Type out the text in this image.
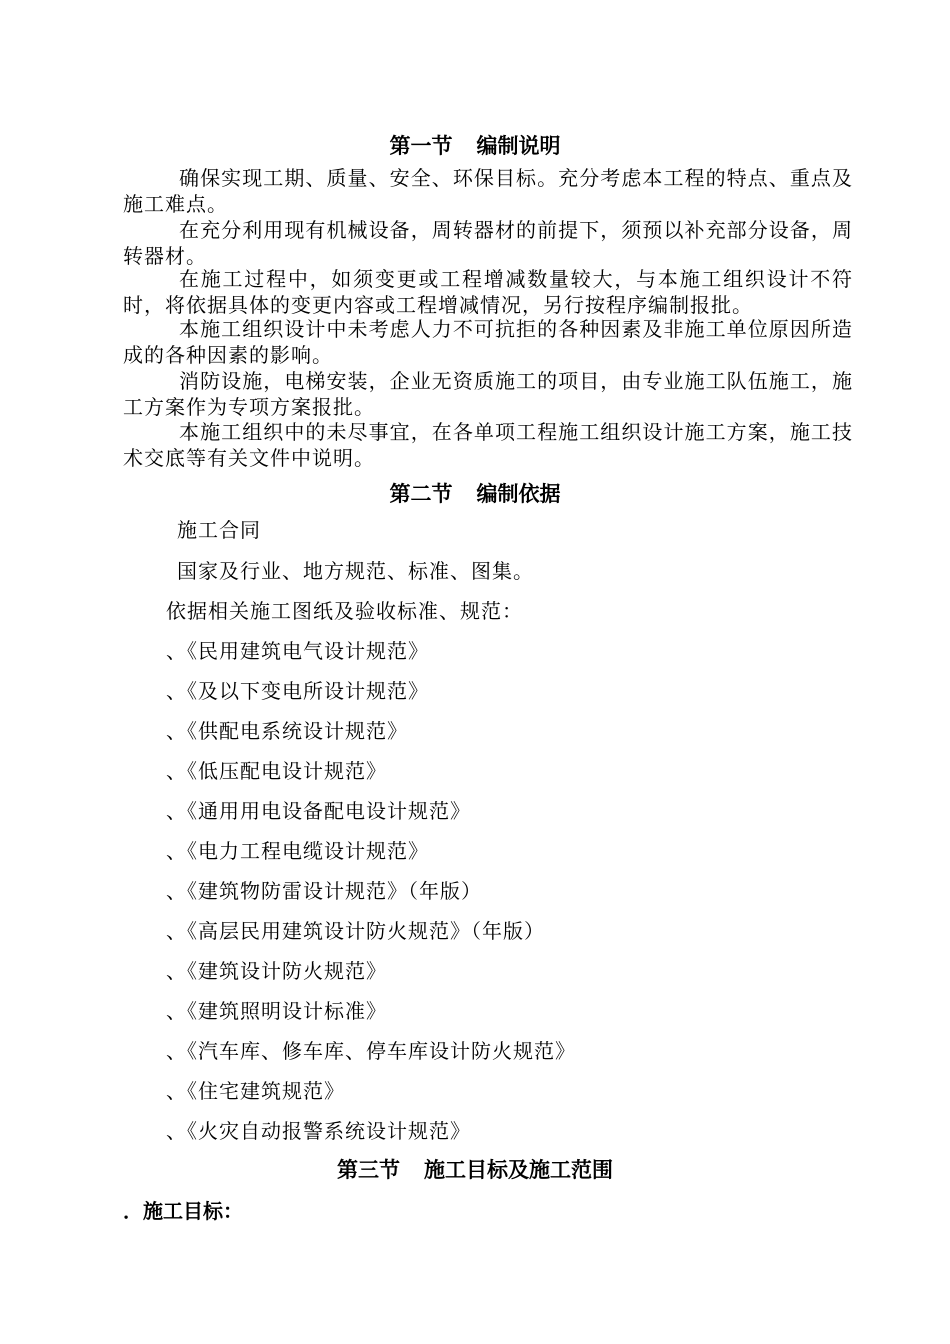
第一节 编制说明

确保实现工期、质量、安全、环保目标。充分考虑本工程的特点、重点及施工难点。

在充分利用现有机械设备，周转器材的前提下，须预以补充部分设备，周转器材。

在施工过程中，如须变更或工程增减数量较大，与本施工组织设计不符时，将依据具体的变更内容或工程增减情况，另行按程序编制报批。

本施工组织设计中未考虑人力不可抗拒的各种因素及非施工单位原因所造成的各种因素的影响。

消防设施，电梯安装，企业无资质施工的项目，由专业施工队伍施工，施工方案作为专项方案报批。

本施工组织中的未尽事宜，在各单项工程施工组织设计施工方案，施工技术交底等有关文件中说明。

第二节 编制依据

施工合同

国家及行业、地方规范、标准、图集。

依据相关施工图纸及验收标准、规范：

、《民用建筑电气设计规范》

、《及以下变电所设计规范》

、《供配电系统设计规范》

、《低压配电设计规范》

、《通用用电设备配电设计规范》

、《电力工程电缆设计规范》

、《建筑物防雷设计规范》（年版）

、《高层民用建筑设计防火规范》（年版）

、《建筑设计防火规范》

、《建筑照明设计标准》

、《汽车库、修车库、停车库设计防火规范》

、《住宅建筑规范》

、《火灾自动报警系统设计规范》

第三节 施工目标及施工范围

．施工目标：
